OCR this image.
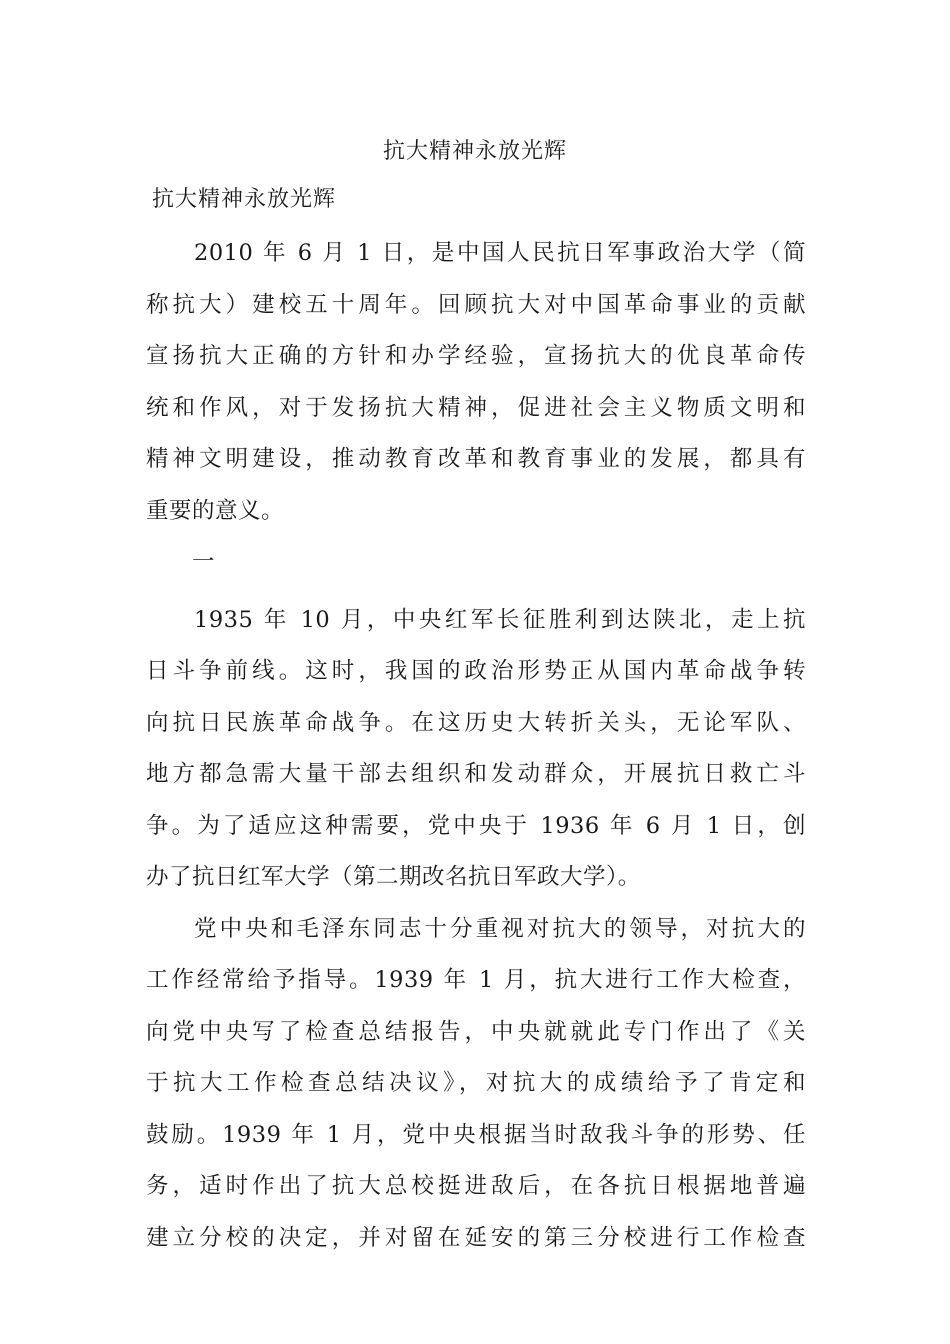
抗大精神永放光辉
抗大精神永放光辉
2010 年 6 月 1 日，是中国人民抗日军事政治大学（简
称抗大）建校五十周年。回顾抗大对中国革命事业的贡献
宣扬抗大正确的方针和办学经验，宣扬抗大的优良革命传
统和作风，对于发扬抗大精神，促进社会主义物质文明和
精神文明建设，推动教育改革和教育事业的发展，都具有
重要的意义。
一
1935 年 10 月，中央红军长征胜利到达陕北，走上抗
日斗争前线。这时，我国的政治形势正从国内革命战争转
向抗日民族革命战争。在这历史大转折关头，无论军队、
地方都急需大量干部去组织和发动群众，开展抗日救亡斗
争。为了适应这种需要，党中央于 1936 年 6 月 1 日，创
办了抗日红军大学（第二期改名抗日军政大学）。
党中央和毛泽东同志十分重视对抗大的领导，对抗大的
工作经常给予指导。1939 年 1 月，抗大进行工作大检查，
向党中央写了检查总结报告，中央就就此专门作出了《关
于抗大工作检查总结决议》，对抗大的成绩给予了肯定和
鼓励。1939 年 1 月，党中央根据当时敌我斗争的形势、任
务，适时作出了抗大总校挺进敌后，在各抗日根据地普遍
建立分校的决定，并对留在延安的第三分校进行工作检查
